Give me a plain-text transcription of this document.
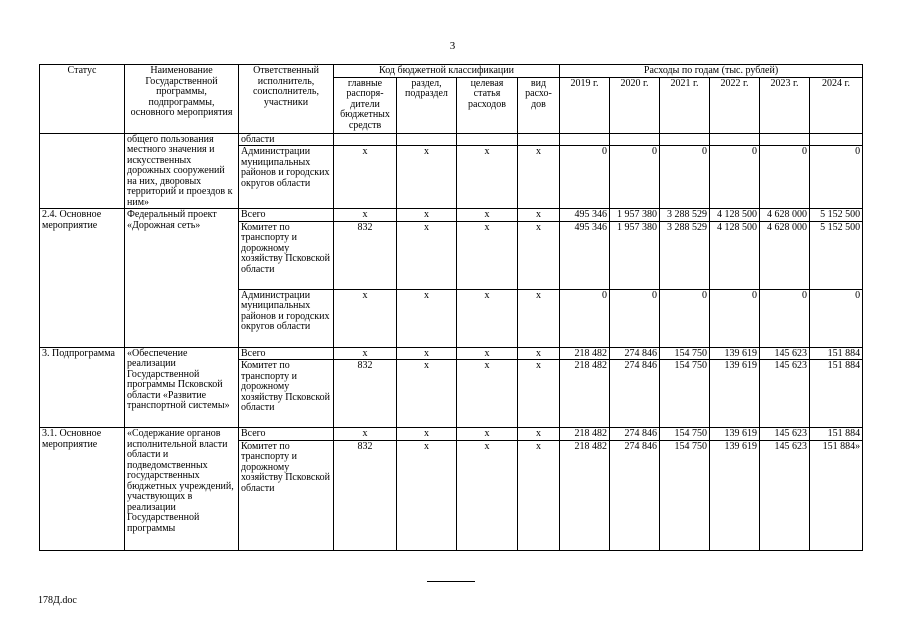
3
Статус	Наименование Государственной программы, подпрограммы, основного мероприятия	Ответственный исполнитель, соисполнитель, участники	Код бюджетной классификации				Расходы по годам (тыс. рублей)					
			главные распоря-дители бюджетных средств	раздел, подраздел	целевая статья расходов	вид расхо-дов	2019 г.	2020 г.	2021 г.	2022 г.	2023 г.	2024 г.
	общего пользования местного значения и искусственных дорожных сооружений на них, дворовых территорий и проездов к ним»	области										
		Администрации муниципальных районов и городских округов области	x	x	x	x	0	0	0	0	0	0
2.4. Основное мероприятие	Федеральный проект «Дорожная сеть»	Всего	x	x	x	x	495 346	1 957 380	3 288 529	4 128 500	4 628 000	5 152 500
		Комитет по транспорту и дорожному хозяйству Псковской области	832	x	x	x	495 346	1 957 380	3 288 529	4 128 500	4 628 000	5 152 500
		Администрации муниципальных районов и городских округов области	x	x	x	x	0	0	0	0	0	0
3. Подпрограмма	«Обеспечение реализации Государственной программы Псковской области «Развитие транспортной системы»	Всего	x	x	x	x	218 482	274 846	154 750	139 619	145 623	151 884
		Комитет по транспорту и дорожному хозяйству Псковской области	832	x	x	x	218 482	274 846	154 750	139 619	145 623	151 884
3.1. Основное мероприятие	«Содержание органов исполнительной власти области и подведомственных государственных бюджетных учреждений, участвующих в реализации Государственной программы	Всего	x	x	x	x	218 482	274 846	154 750	139 619	145 623	151 884
		Комитет по транспорту и дорожному хозяйству Псковской области	832	x	x	x	218 482	274 846	154 750	139 619	145 623	151 884»
178Д.doc
